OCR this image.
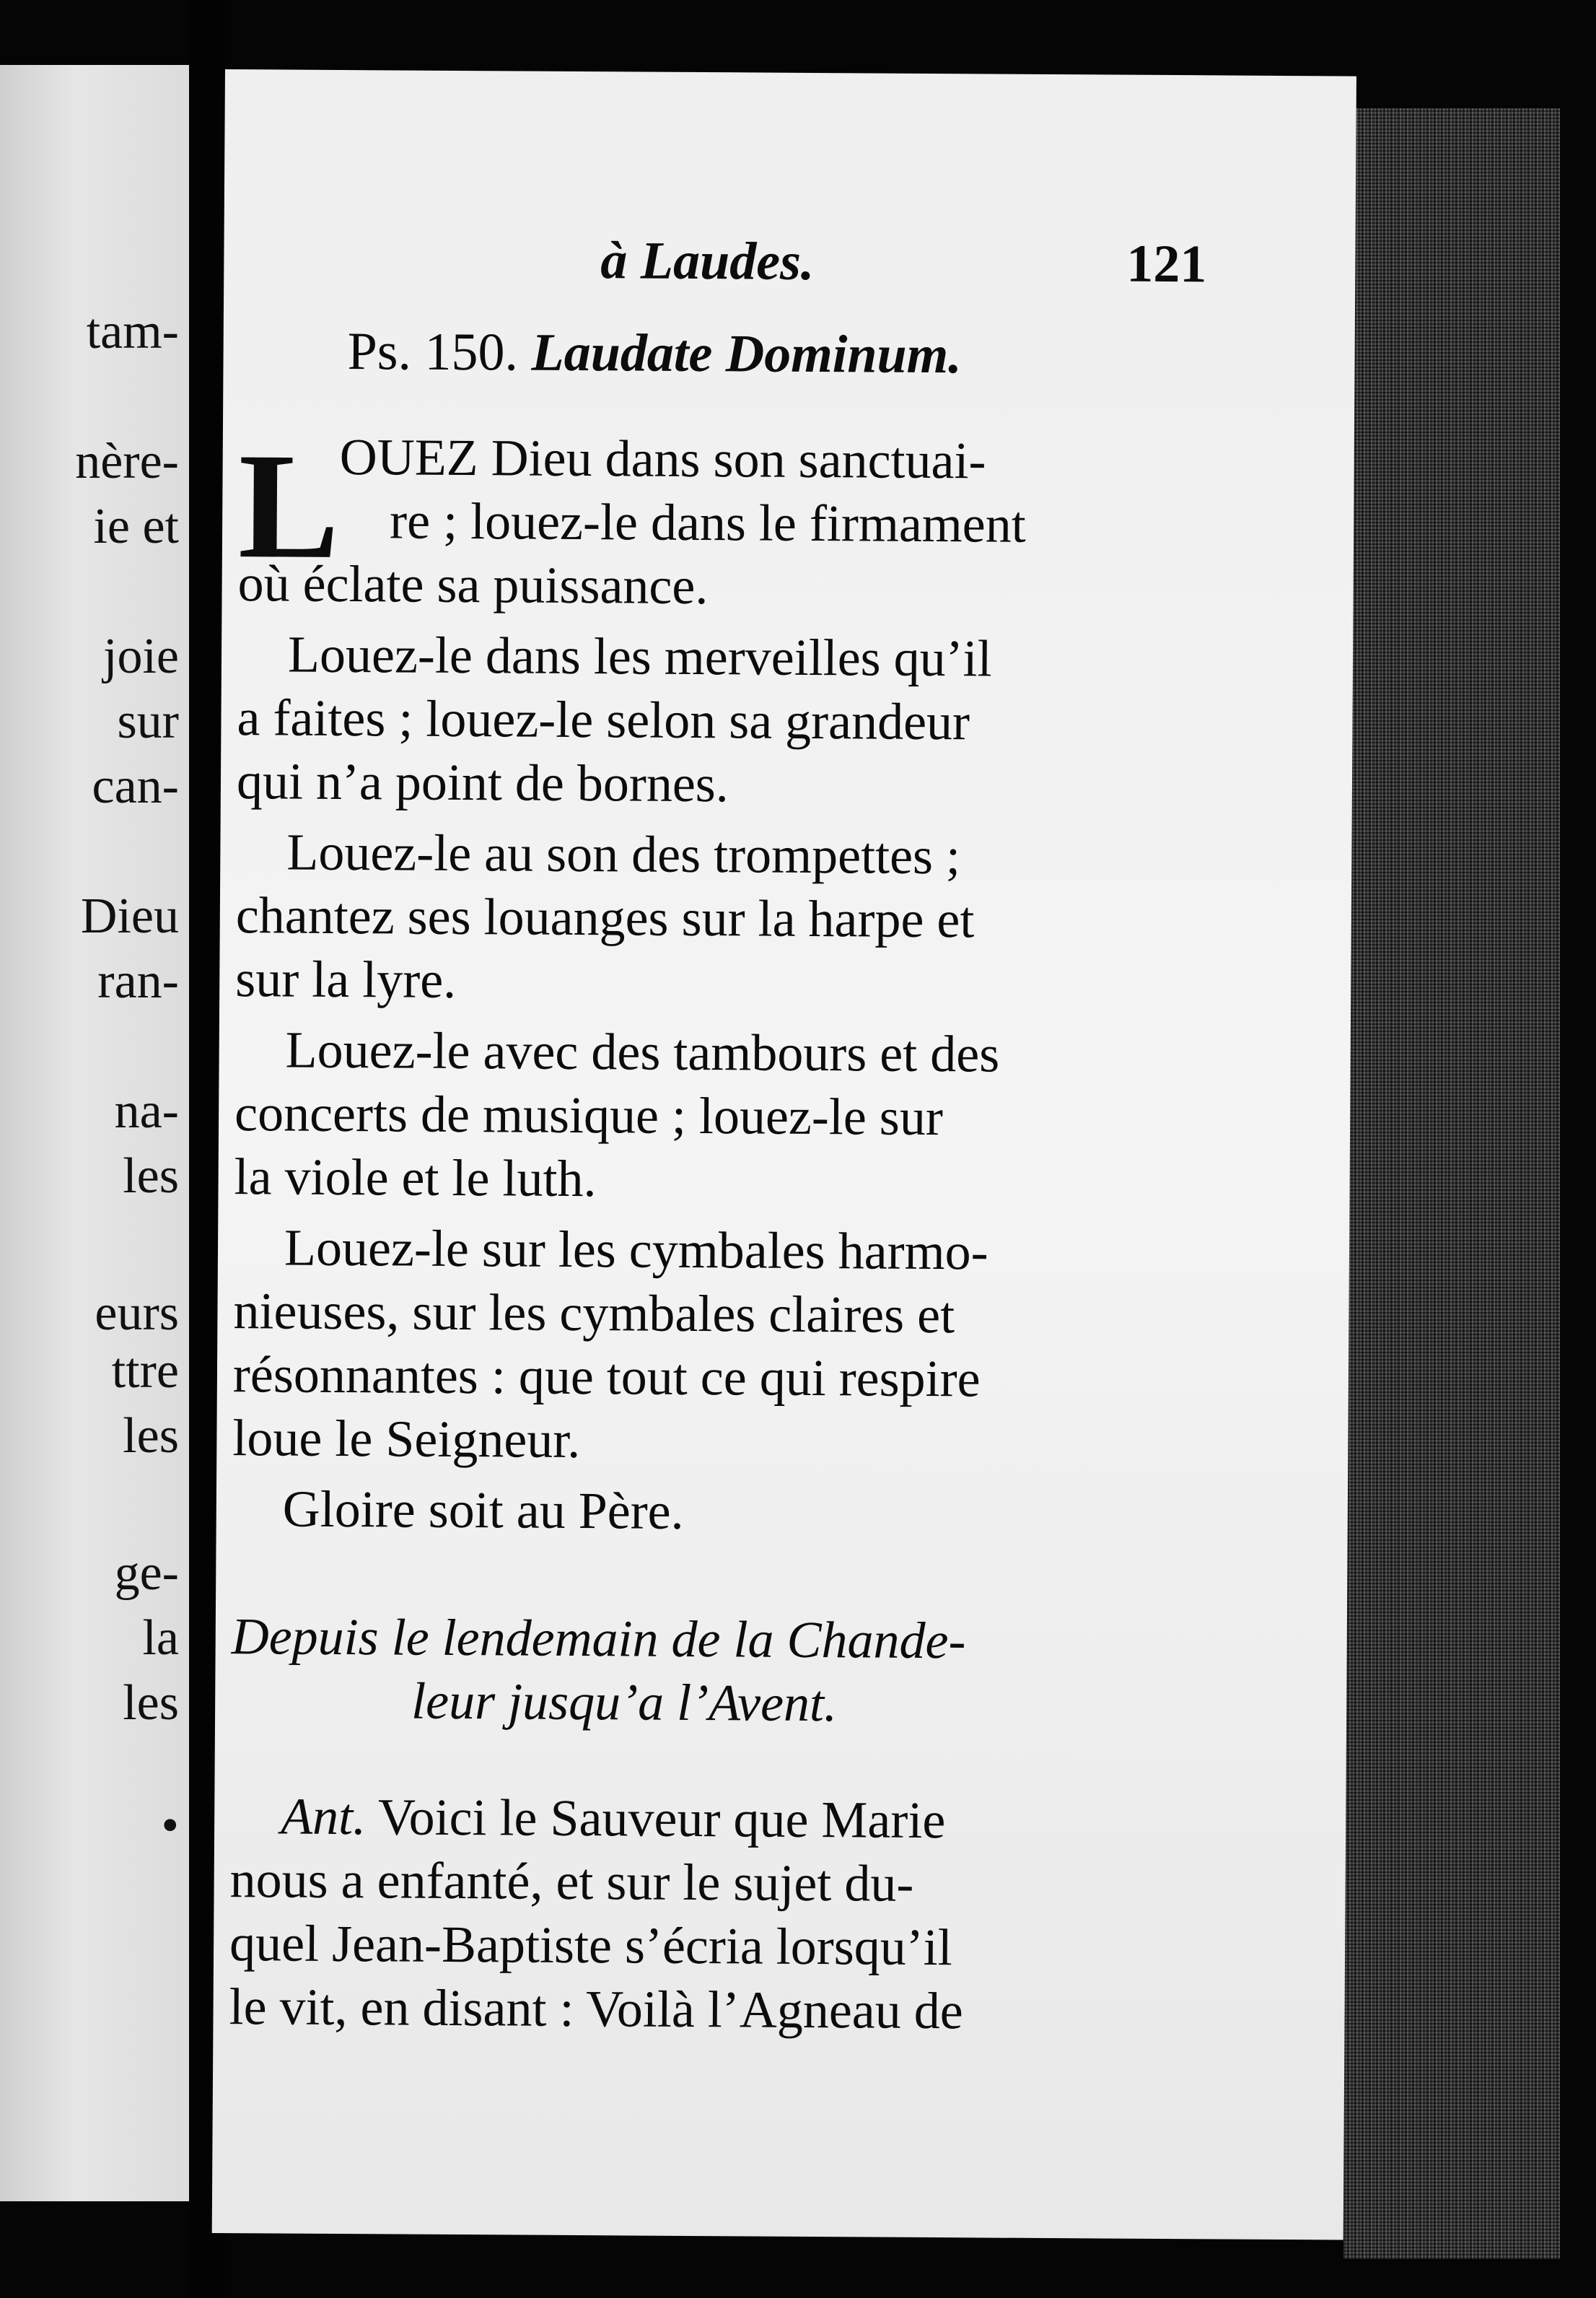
tam-
nère-
ie et
joie
sur
can-
Dieu
ran-
na-
les
eurs
ttre
les
ge-
la
les
•
à Laudes.	121
Ps. 150. Laudate Dominum.
L OUEZ Dieu dans son sanctuai-
re ; louez-le dans le firmament
où éclate sa puissance.
Louez-le dans les merveilles qu’il
a faites ; louez-le selon sa grandeur
qui n’a point de bornes.
Louez-le au son des trompettes ;
chantez ses louanges sur la harpe et
sur la lyre.
Louez-le avec des tambours et des
concerts de musique ; louez-le sur
la viole et le luth.
Louez-le sur les cymbales harmo-
nieuses, sur les cymbales claires et
résonnantes : que tout ce qui respire
loue le Seigneur.
Gloire soit au Père.
Depuis le lendemain de la Chande-
leur jusqu’a l’Avent.
Ant. Voici le Sauveur que Marie
nous a enfanté, et sur le sujet du-
quel Jean-Baptiste s’écria lorsqu’il
le vit, en disant : Voilà l’Agneau de
